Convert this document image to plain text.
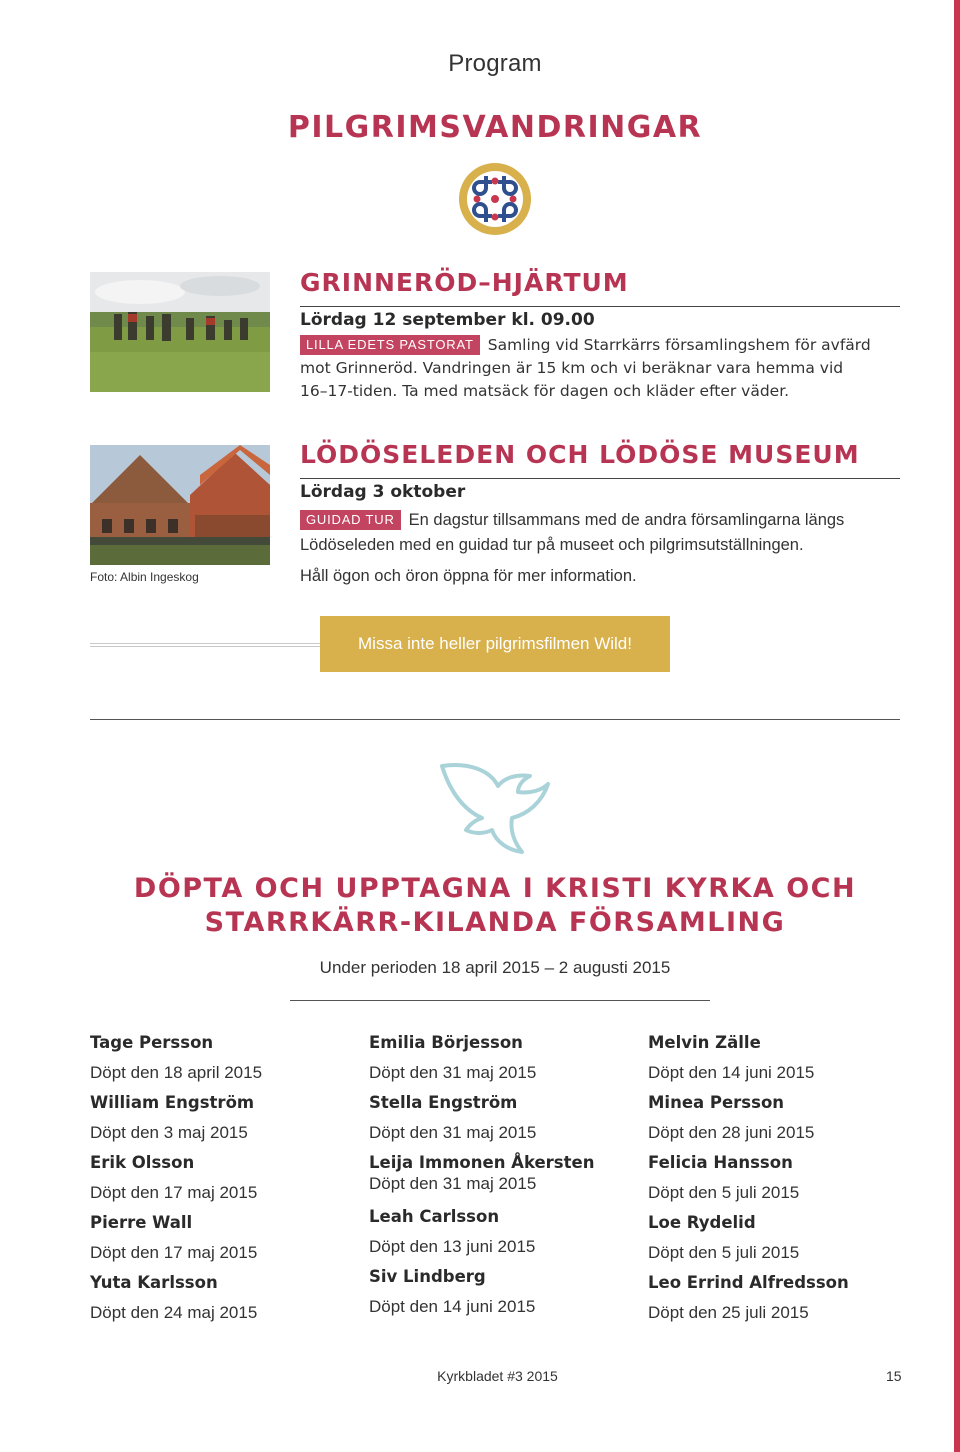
Program
PILGRIMSVANDRINGAR
Foto: Albin Ingeskog
GRINNERÖD–HJÄRTUM
Lördag 12 september kl. 09.00
LILLA EDETS PASTORAT Samling vid Starrkärrs församlingshem för avfärd
mot Grinneröd. Vandringen är 15 km och vi beräknar vara hemma vid
16–17-tiden. Ta med matsäck för dagen och kläder efter väder.
LÖDÖSELEDEN OCH LÖDÖSE MUSEUM
Lördag 3 oktober
GUIDAD TUR En dagstur tillsammans med de andra församlingarna längs
Lödöseleden med en guidad tur på museet och pilgrimsutställningen.
Håll ögon och öron öppna för mer information.
Missa inte heller pilgrimsfilmen Wild!
DÖPTA OCH UPPTAGNA I KRISTI KYRKA OCH
STARRKÄRR-KILANDA FÖRSAMLING
Under perioden 18 april 2015 – 2 augusti 2015
Tage Persson
Döpt den 18 april 2015
William Engström
Döpt den 3 maj 2015
Erik Olsson
Döpt den 17 maj 2015
Pierre Wall
Döpt den 17 maj 2015
Yuta Karlsson
Döpt den 24 maj 2015
Emilia Börjesson
Döpt den 31 maj 2015
Stella Engström
Döpt den 31 maj 2015
Leija Immonen Åkersten
Döpt den 31 maj 2015
Leah Carlsson
Döpt den 13 juni 2015
Siv Lindberg
Döpt den 14 juni 2015
Melvin Zälle
Döpt den 14 juni 2015
Minea Persson
Döpt den 28 juni 2015
Felicia Hansson
Döpt den 5 juli 2015
Loe Rydelid
Döpt den 5 juli 2015
Leo Errind Alfredsson
Döpt den 25 juli 2015
Kyrkbladet #3 2015	15
